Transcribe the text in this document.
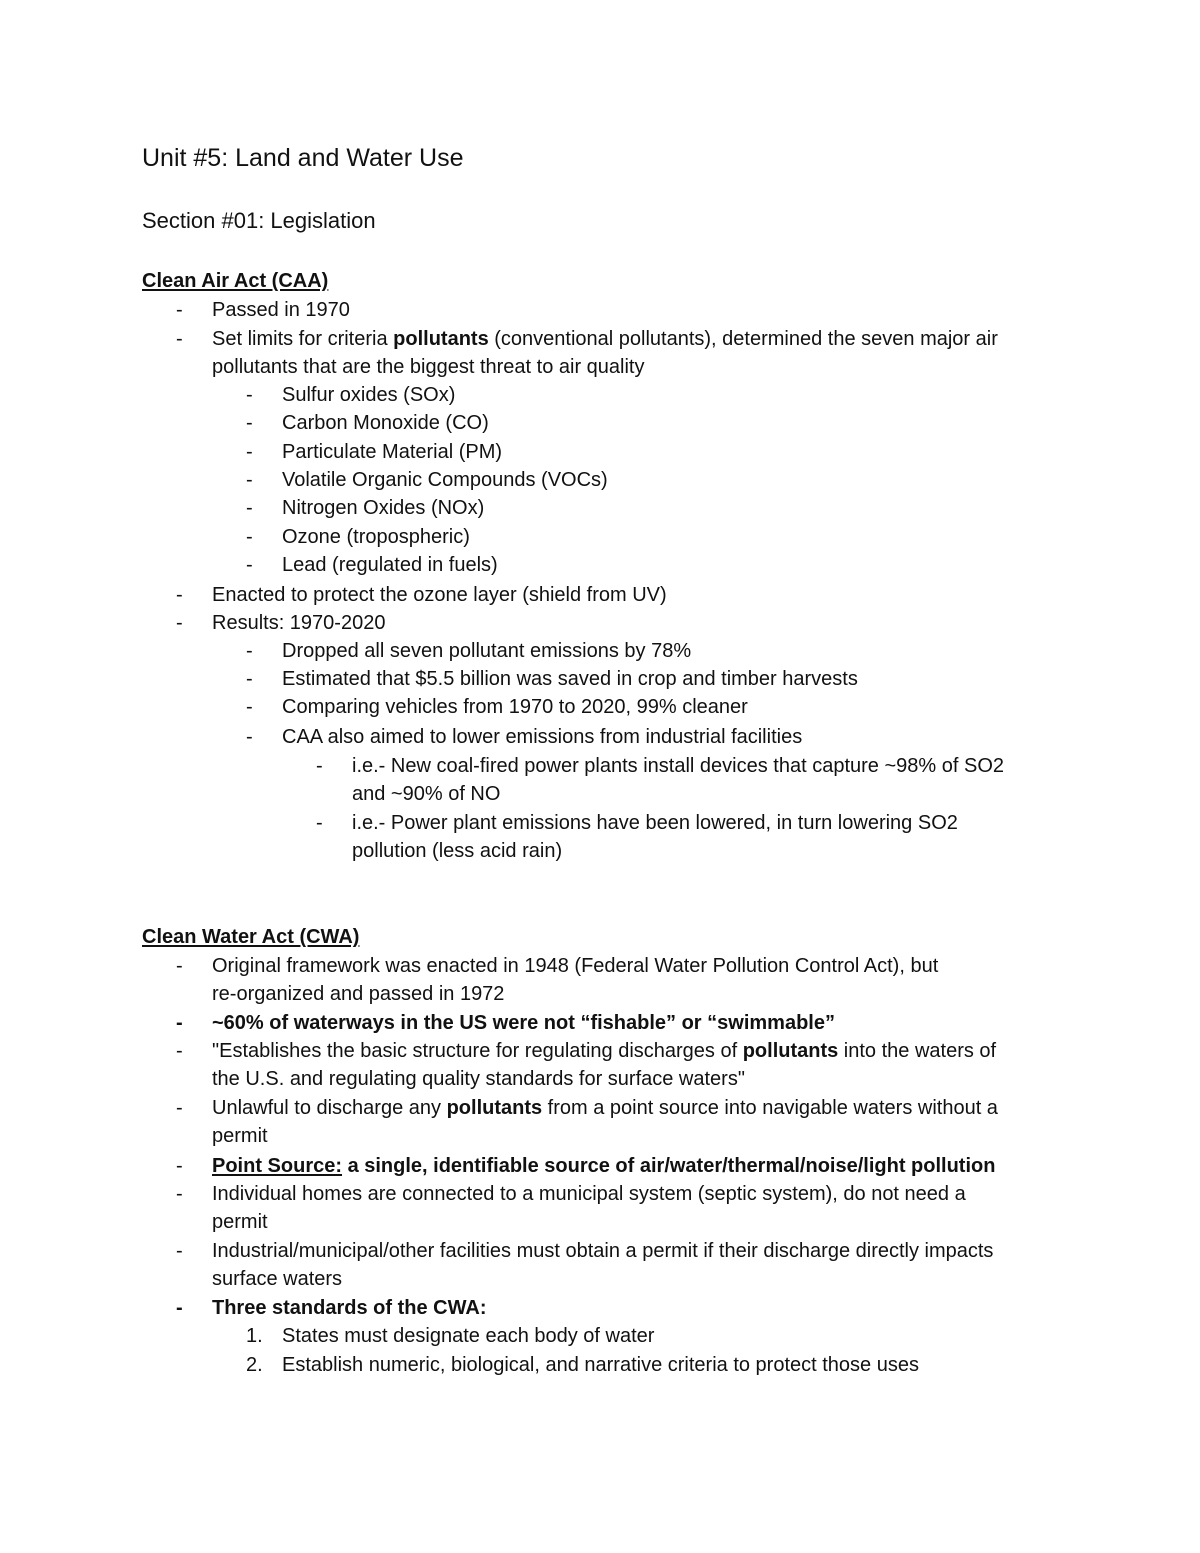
Unit #5: Land and Water Use
Section #01: Legislation
Clean Air Act (CAA)
- Passed in 1970
- Set limits for criteria pollutants (conventional pollutants), determined the seven major air
pollutants that are the biggest threat to air quality
- Sulfur oxides (SOx)
- Carbon Monoxide (CO)
- Particulate Material (PM)
- Volatile Organic Compounds (VOCs)
- Nitrogen Oxides (NOx)
- Ozone (tropospheric)
- Lead (regulated in fuels)
- Enacted to protect the ozone layer (shield from UV)
- Results: 1970-2020
- Dropped all seven pollutant emissions by 78%
- Estimated that $5.5 billion was saved in crop and timber harvests
- Comparing vehicles from 1970 to 2020, 99% cleaner
- CAA also aimed to lower emissions from industrial facilities
- i.e.- New coal-fired power plants install devices that capture ~98% of SO2
and ~90% of NO
- i.e.- Power plant emissions have been lowered, in turn lowering SO2
pollution (less acid rain)
Clean Water Act (CWA)
- Original framework was enacted in 1948 (Federal Water Pollution Control Act), but
re-organized and passed in 1972
- ~60% of waterways in the US were not “fishable” or “swimmable”
- "Establishes the basic structure for regulating discharges of pollutants into the waters of
the U.S. and regulating quality standards for surface waters"
- Unlawful to discharge any pollutants from a point source into navigable waters without a
permit
- Point Source: a single, identifiable source of air/water/thermal/noise/light pollution
- Individual homes are connected to a municipal system (septic system), do not need a
permit
- Industrial/municipal/other facilities must obtain a permit if their discharge directly impacts
surface waters
- Three standards of the CWA:
1. States must designate each body of water
2. Establish numeric, biological, and narrative criteria to protect those uses
